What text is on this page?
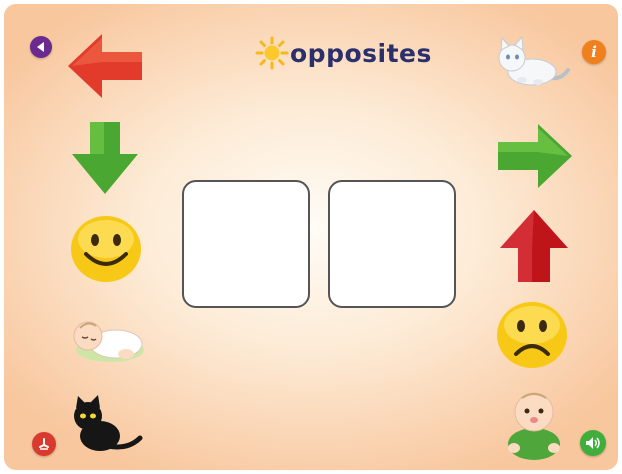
opposites	i
